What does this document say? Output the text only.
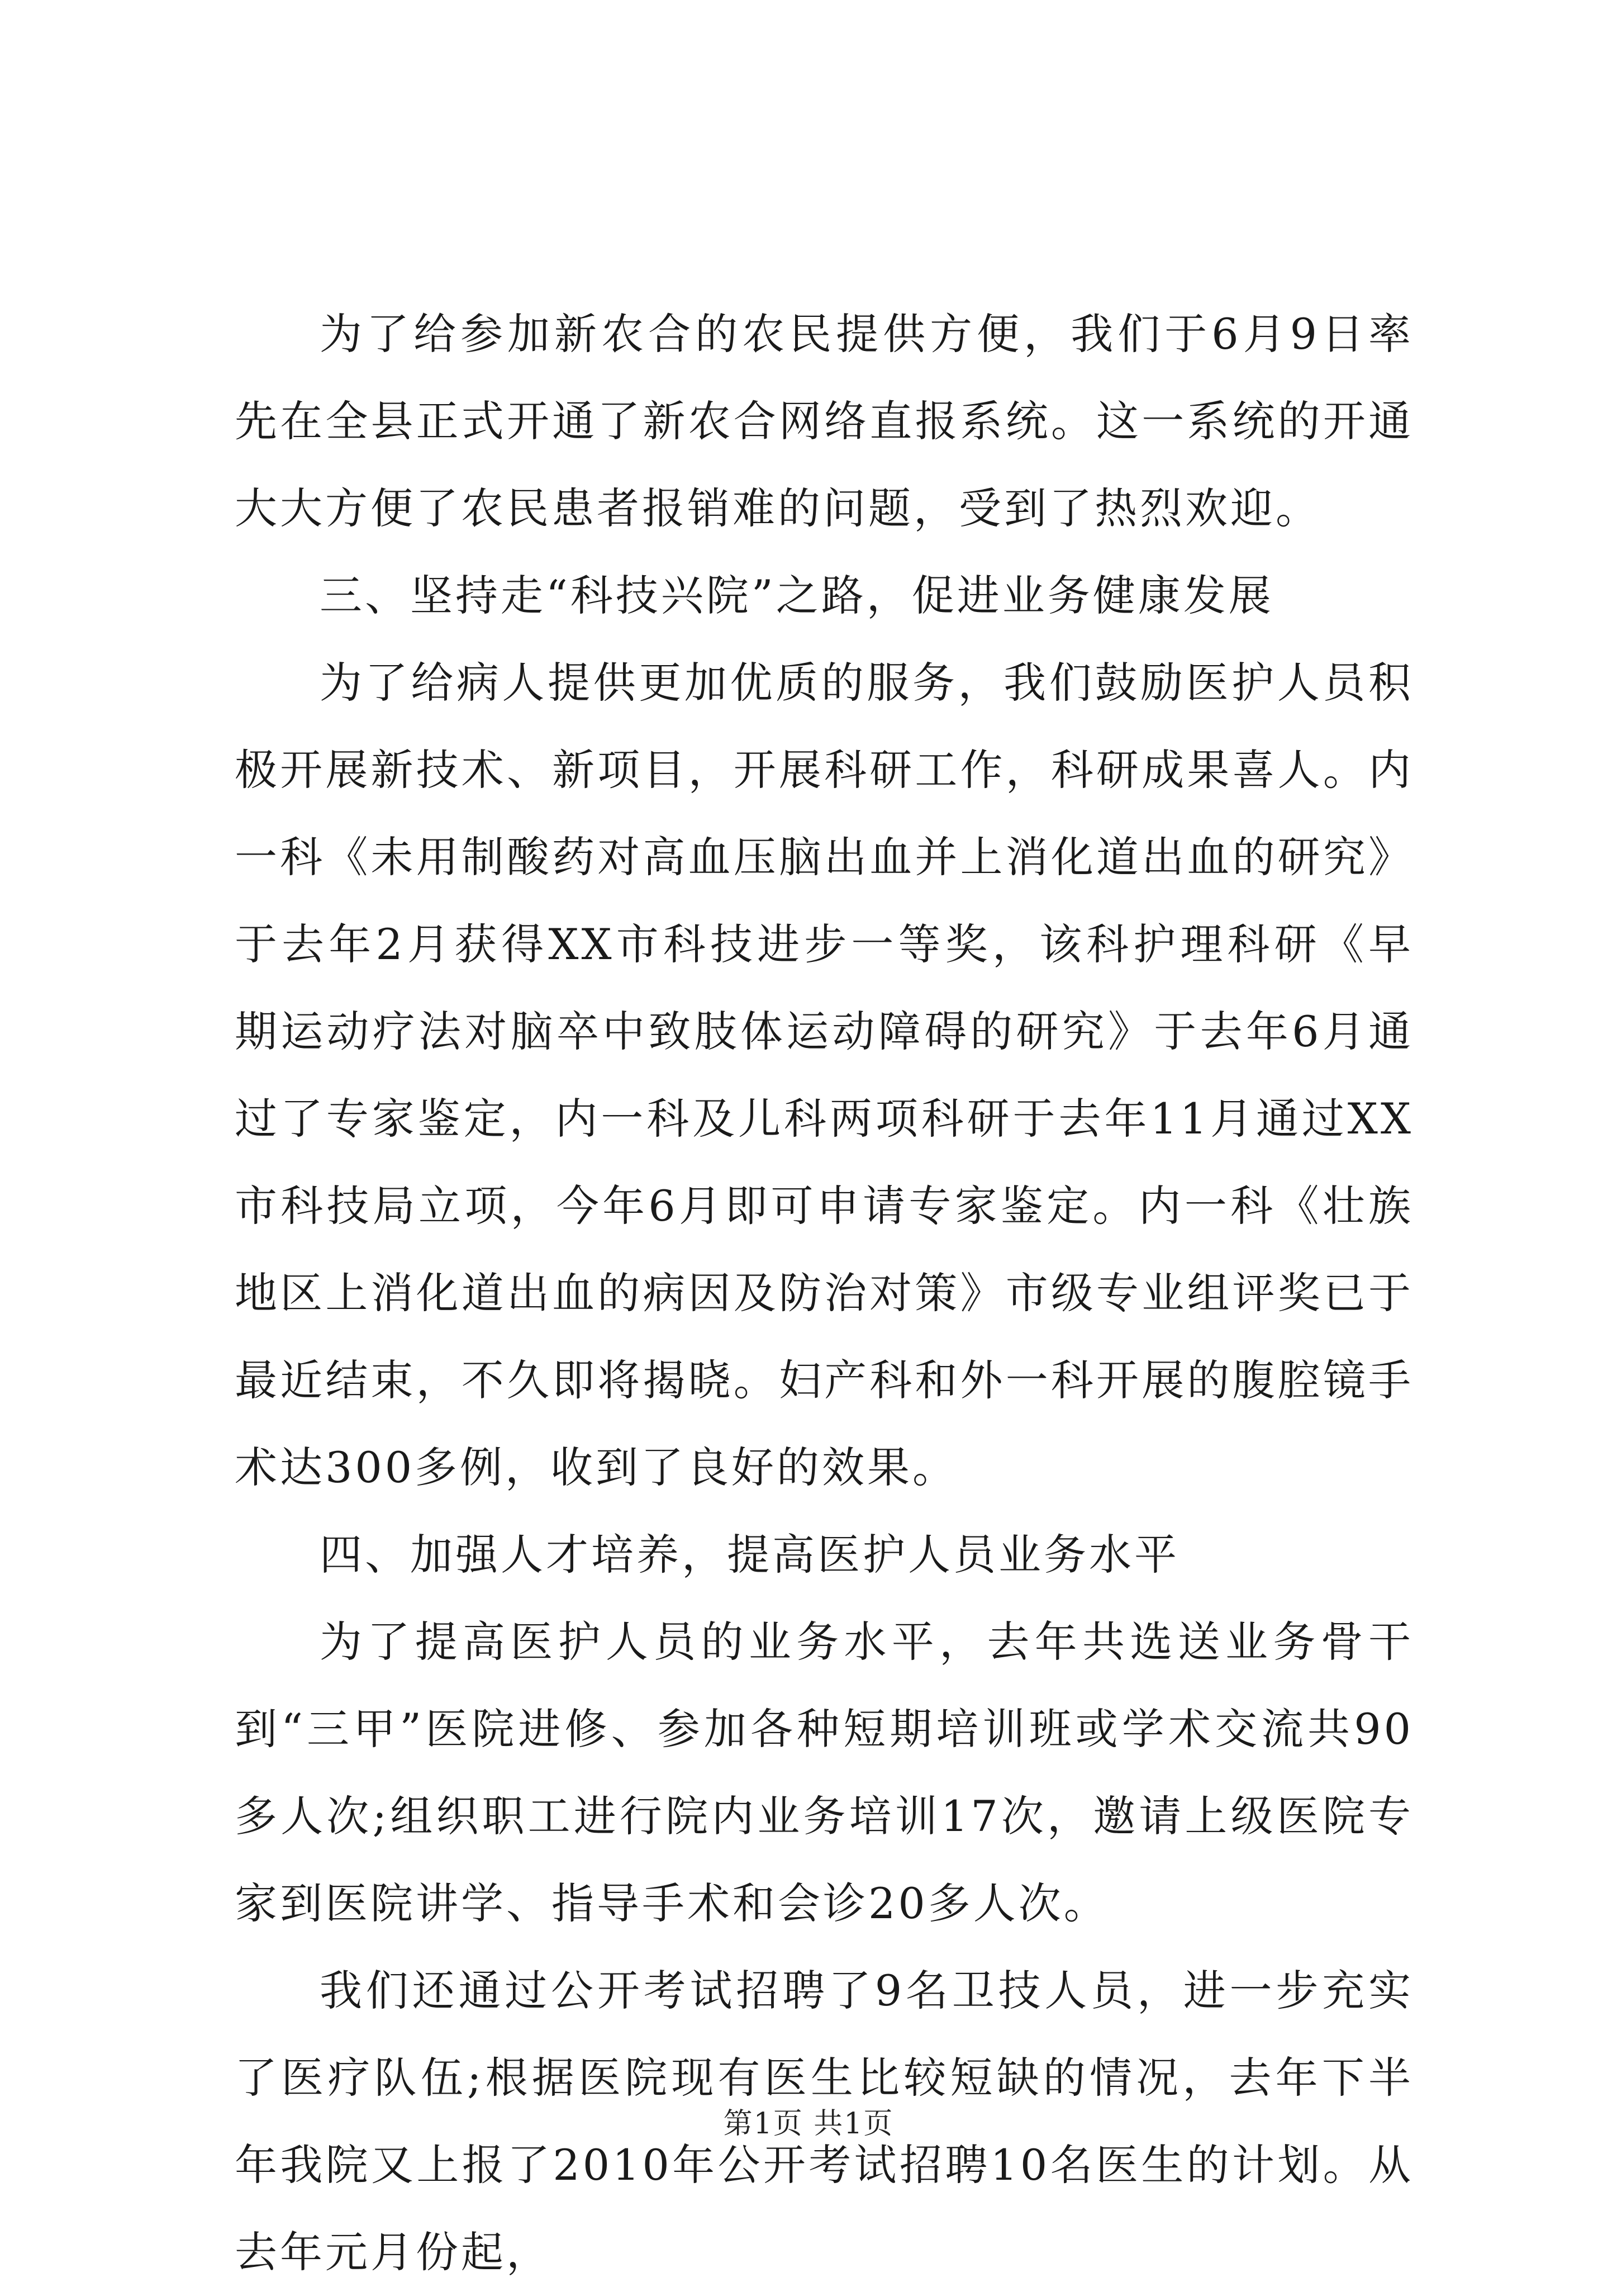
为了给参加新农合的农民提供方便，我们于6月9日率先在全县正式开通了新农合网络直报系统。这一系统的开通大大方便了农民患者报销难的问题，受到了热烈欢迎。

三、坚持走“科技兴院”之路，促进业务健康发展

为了给病人提供更加优质的服务，我们鼓励医护人员积极开展新技术、新项目，开展科研工作，科研成果喜人。内一科《未用制酸药对高血压脑出血并上消化道出血的研究》于去年2月获得XX市科技进步一等奖，该科护理科研《早期运动疗法对脑卒中致肢体运动障碍的研究》于去年6月通过了专家鉴定，内一科及儿科两项科研于去年11月通过XX市科技局立项，今年6月即可申请专家鉴定。内一科《壮族地区上消化道出血的病因及防治对策》市级专业组评奖已于最近结束，不久即将揭晓。妇产科和外一科开展的腹腔镜手术达300多例，收到了良好的效果。

四、加强人才培养，提高医护人员业务水平

为了提高医护人员的业务水平，去年共选送业务骨干到“三甲”医院进修、参加各种短期培训班或学术交流共90多人次;组织职工进行院内业务培训17次，邀请上级医院专家到医院讲学、指导手术和会诊20多人次。

我们还通过公开考试招聘了9名卫技人员，进一步充实了医疗队伍;根据医院现有医生比较短缺的情况，去年下半年我院又上报了2010年公开考试招聘10名医生的计划。从去年元月份起，

第1页 共1页
